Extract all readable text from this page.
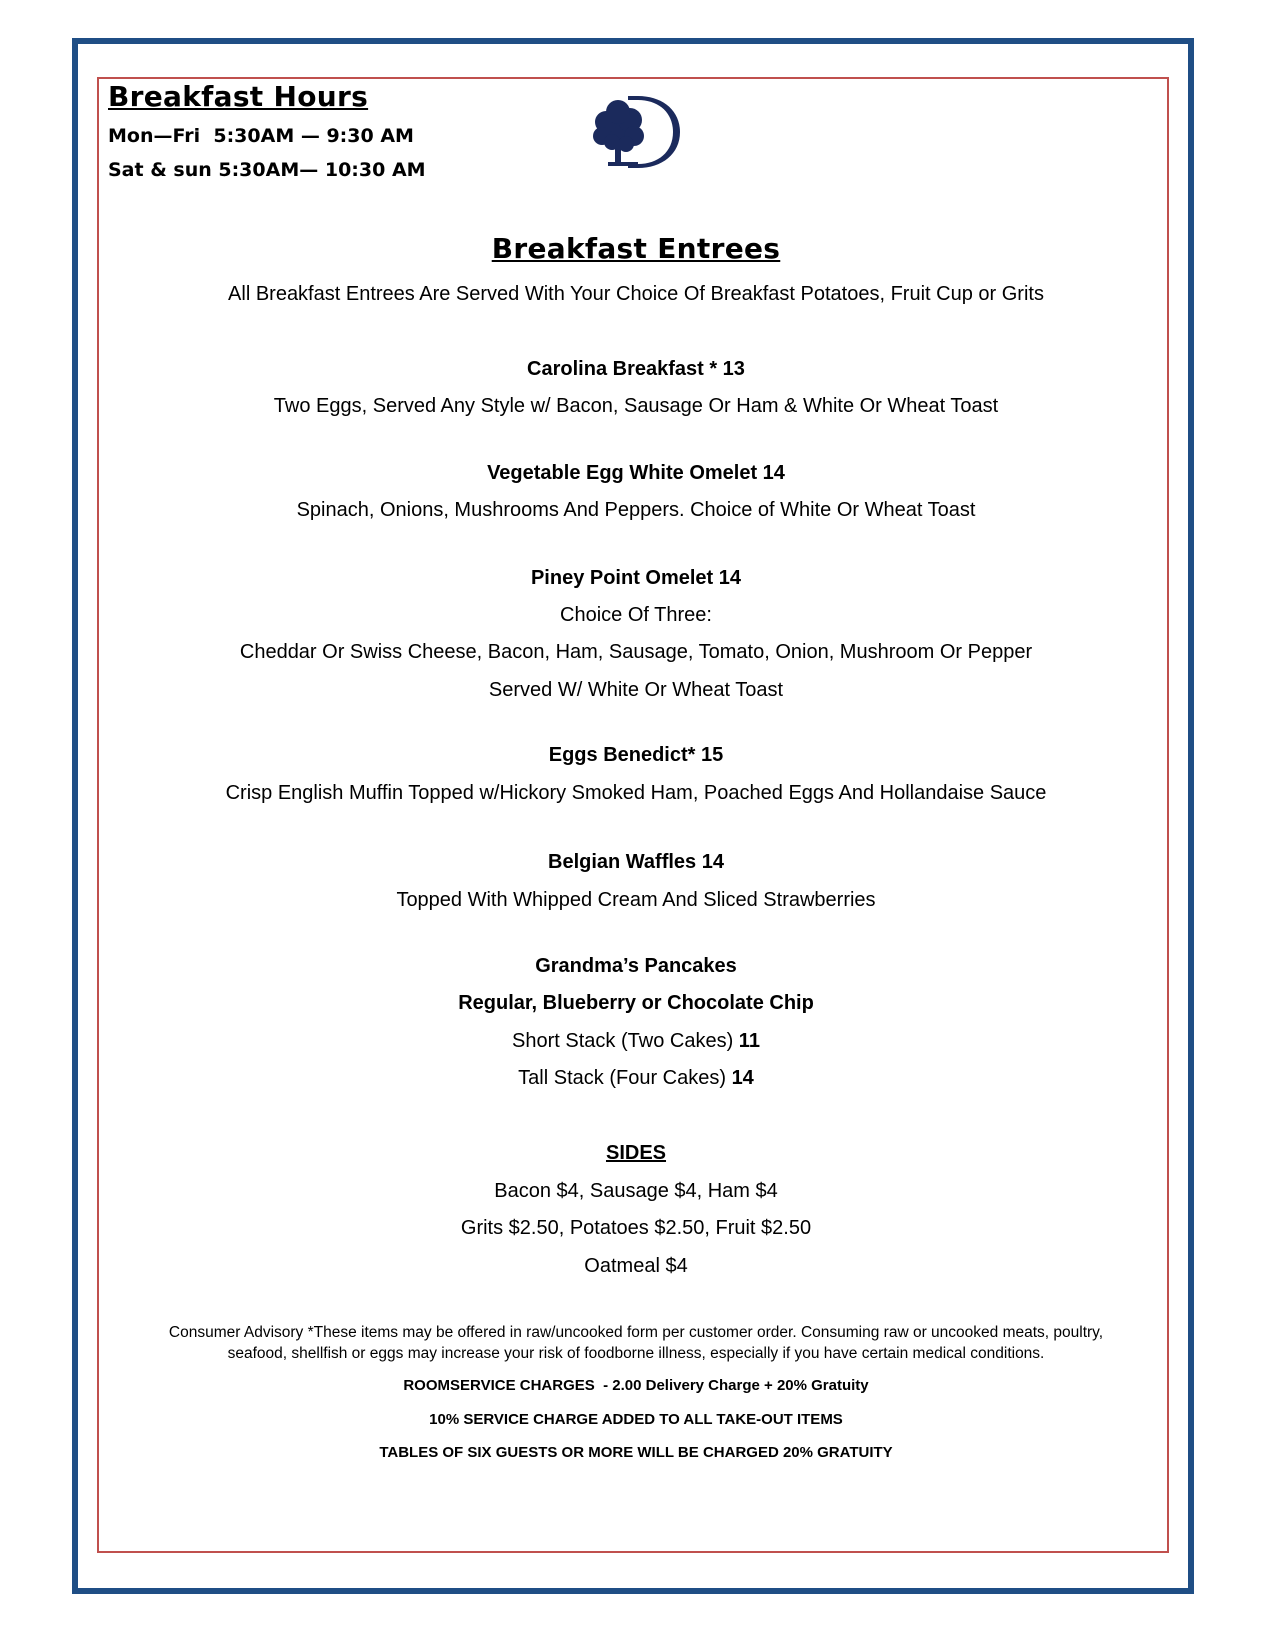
Breakfast Hours
Mon—Fri  5:30AM — 9:30 AM
Sat & sun 5:30AM— 10:30 AM
Breakfast Entrees
All Breakfast Entrees Are Served With Your Choice Of Breakfast Potatoes, Fruit Cup or Grits
Carolina Breakfast * 13
Two Eggs, Served Any Style w/ Bacon, Sausage Or Ham & White Or Wheat Toast
Vegetable Egg White Omelet 14
Spinach, Onions, Mushrooms And Peppers. Choice of White Or Wheat Toast
Piney Point Omelet 14
Choice Of Three:
Cheddar Or Swiss Cheese, Bacon, Ham, Sausage, Tomato, Onion, Mushroom Or Pepper
Served W/ White Or Wheat Toast
Eggs Benedict* 15
Crisp English Muffin Topped w/Hickory Smoked Ham, Poached Eggs And Hollandaise Sauce
Belgian Waffles 14
Topped With Whipped Cream And Sliced Strawberries
Grandma’s Pancakes
Regular, Blueberry or Chocolate Chip
Short Stack (Two Cakes) 11
Tall Stack (Four Cakes) 14
SIDES
Bacon $4, Sausage $4, Ham $4
Grits $2.50, Potatoes $2.50, Fruit $2.50
Oatmeal $4
Consumer Advisory *These items may be offered in raw/uncooked form per customer order. Consuming raw or uncooked meats, poultry,
seafood, shellfish or eggs may increase your risk of foodborne illness, especially if you have certain medical conditions.
ROOMSERVICE CHARGES  - 2.00 Delivery Charge + 20% Gratuity
10% SERVICE CHARGE ADDED TO ALL TAKE-OUT ITEMS
TABLES OF SIX GUESTS OR MORE WILL BE CHARGED 20% GRATUITY
